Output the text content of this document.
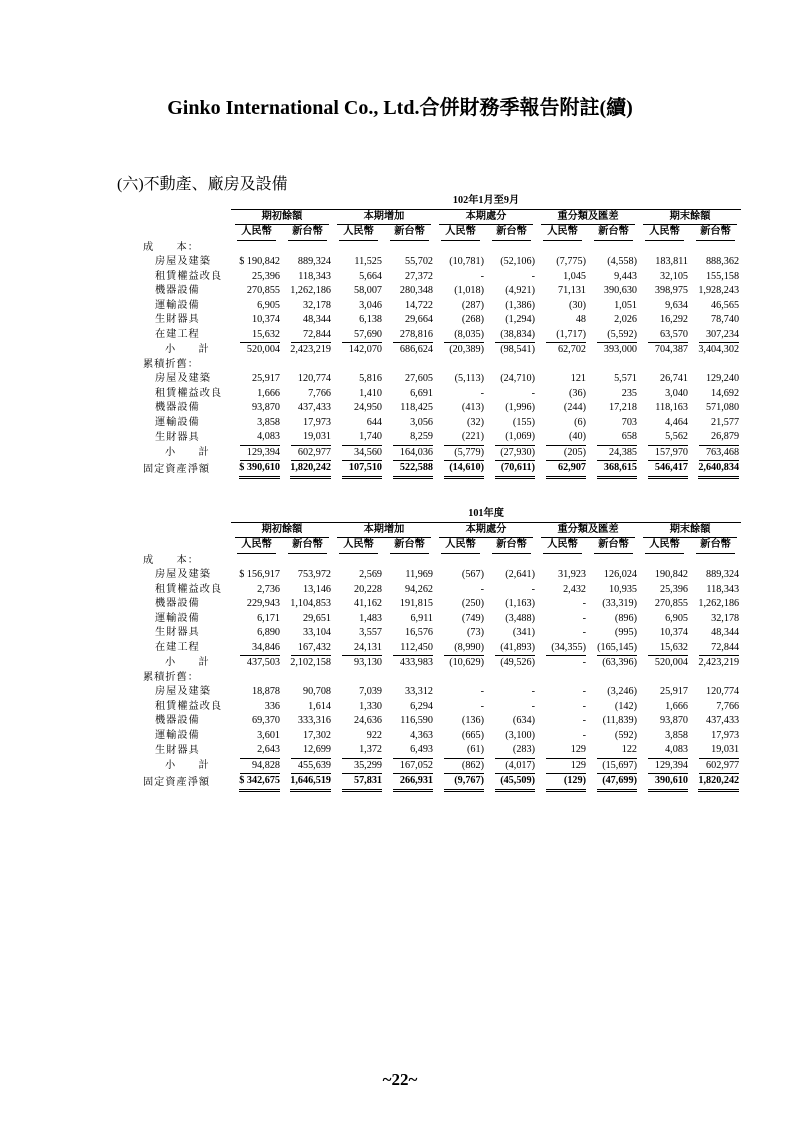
Ginko International Co., Ltd.合併財務季報告附註(續)
(六)不動產、廠房及設備
	102年1月至9月									

	期初餘額		本期增加		本期處分		重分類及匯差		期末餘額	

	人民幣	新台幣	人民幣	新台幣	人民幣	新台幣	人民幣	新台幣	人民幣	新台幣

成　　本：										
房屋及建築	$ 190,842	889,324	11,525	55,702	(10,781)	(52,106)	(7,775)	(4,558)	183,811	888,362
租賃權益改良	25,396	118,343	5,664	27,372	-	-	1,045	9,443	32,105	155,158
機器設備	270,855	1,262,186	58,007	280,348	(1,018)	(4,921)	71,131	390,630	398,975	1,928,243
運輸設備	6,905	32,178	3,046	14,722	(287)	(1,386)	(30)	1,051	9,634	46,565
生財器具	10,374	48,344	6,138	29,664	(268)	(1,294)	48	2,026	16,292	78,740
在建工程	15,632	72,844	57,690	278,816	(8,035)	(38,834)	(1,717)	(5,592)	63,570	307,234
小　　計	520,004	2,423,219	142,070	686,624	(20,389)	(98,541)	62,702	393,000	704,387	3,404,302
累積折舊：										
房屋及建築	25,917	120,774	5,816	27,605	(5,113)	(24,710)	121	5,571	26,741	129,240
租賃權益改良	1,666	7,766	1,410	6,691	-	-	(36)	235	3,040	14,692
機器設備	93,870	437,433	24,950	118,425	(413)	(1,996)	(244)	17,218	118,163	571,080
運輸設備	3,858	17,973	644	3,056	(32)	(155)	(6)	703	4,464	21,577
生財器具	4,083	19,031	1,740	8,259	(221)	(1,069)	(40)	658	5,562	26,879
小　　計	129,394	602,977	34,560	164,036	(5,779)	(27,930)	(205)	24,385	157,970	763,468
固定資產淨額	$ 390,610	1,820,242	107,510	522,588	(14,610)	(70,611)	62,907	368,615	546,417	2,640,834
	101年度									

	期初餘額		本期增加		本期處分		重分類及匯差		期末餘額	

	人民幣	新台幣	人民幣	新台幣	人民幣	新台幣	人民幣	新台幣	人民幣	新台幣

成　　本：										
房屋及建築	$ 156,917	753,972	2,569	11,969	(567)	(2,641)	31,923	126,024	190,842	889,324
租賃權益改良	2,736	13,146	20,228	94,262	-	-	2,432	10,935	25,396	118,343
機器設備	229,943	1,104,853	41,162	191,815	(250)	(1,163)	-	(33,319)	270,855	1,262,186
運輸設備	6,171	29,651	1,483	6,911	(749)	(3,488)	-	(896)	6,905	32,178
生財器具	6,890	33,104	3,557	16,576	(73)	(341)	-	(995)	10,374	48,344
在建工程	34,846	167,432	24,131	112,450	(8,990)	(41,893)	(34,355)	(165,145)	15,632	72,844
小　　計	437,503	2,102,158	93,130	433,983	(10,629)	(49,526)	-	(63,396)	520,004	2,423,219
累積折舊：										
房屋及建築	18,878	90,708	7,039	33,312	-	-	-	(3,246)	25,917	120,774
租賃權益改良	336	1,614	1,330	6,294	-	-	-	(142)	1,666	7,766
機器設備	69,370	333,316	24,636	116,590	(136)	(634)	-	(11,839)	93,870	437,433
運輸設備	3,601	17,302	922	4,363	(665)	(3,100)	-	(592)	3,858	17,973
生財器具	2,643	12,699	1,372	6,493	(61)	(283)	129	122	4,083	19,031
小　　計	94,828	455,639	35,299	167,052	(862)	(4,017)	129	(15,697)	129,394	602,977
固定資產淨額	$ 342,675	1,646,519	57,831	266,931	(9,767)	(45,509)	(129)	(47,699)	390,610	1,820,242
~22~
